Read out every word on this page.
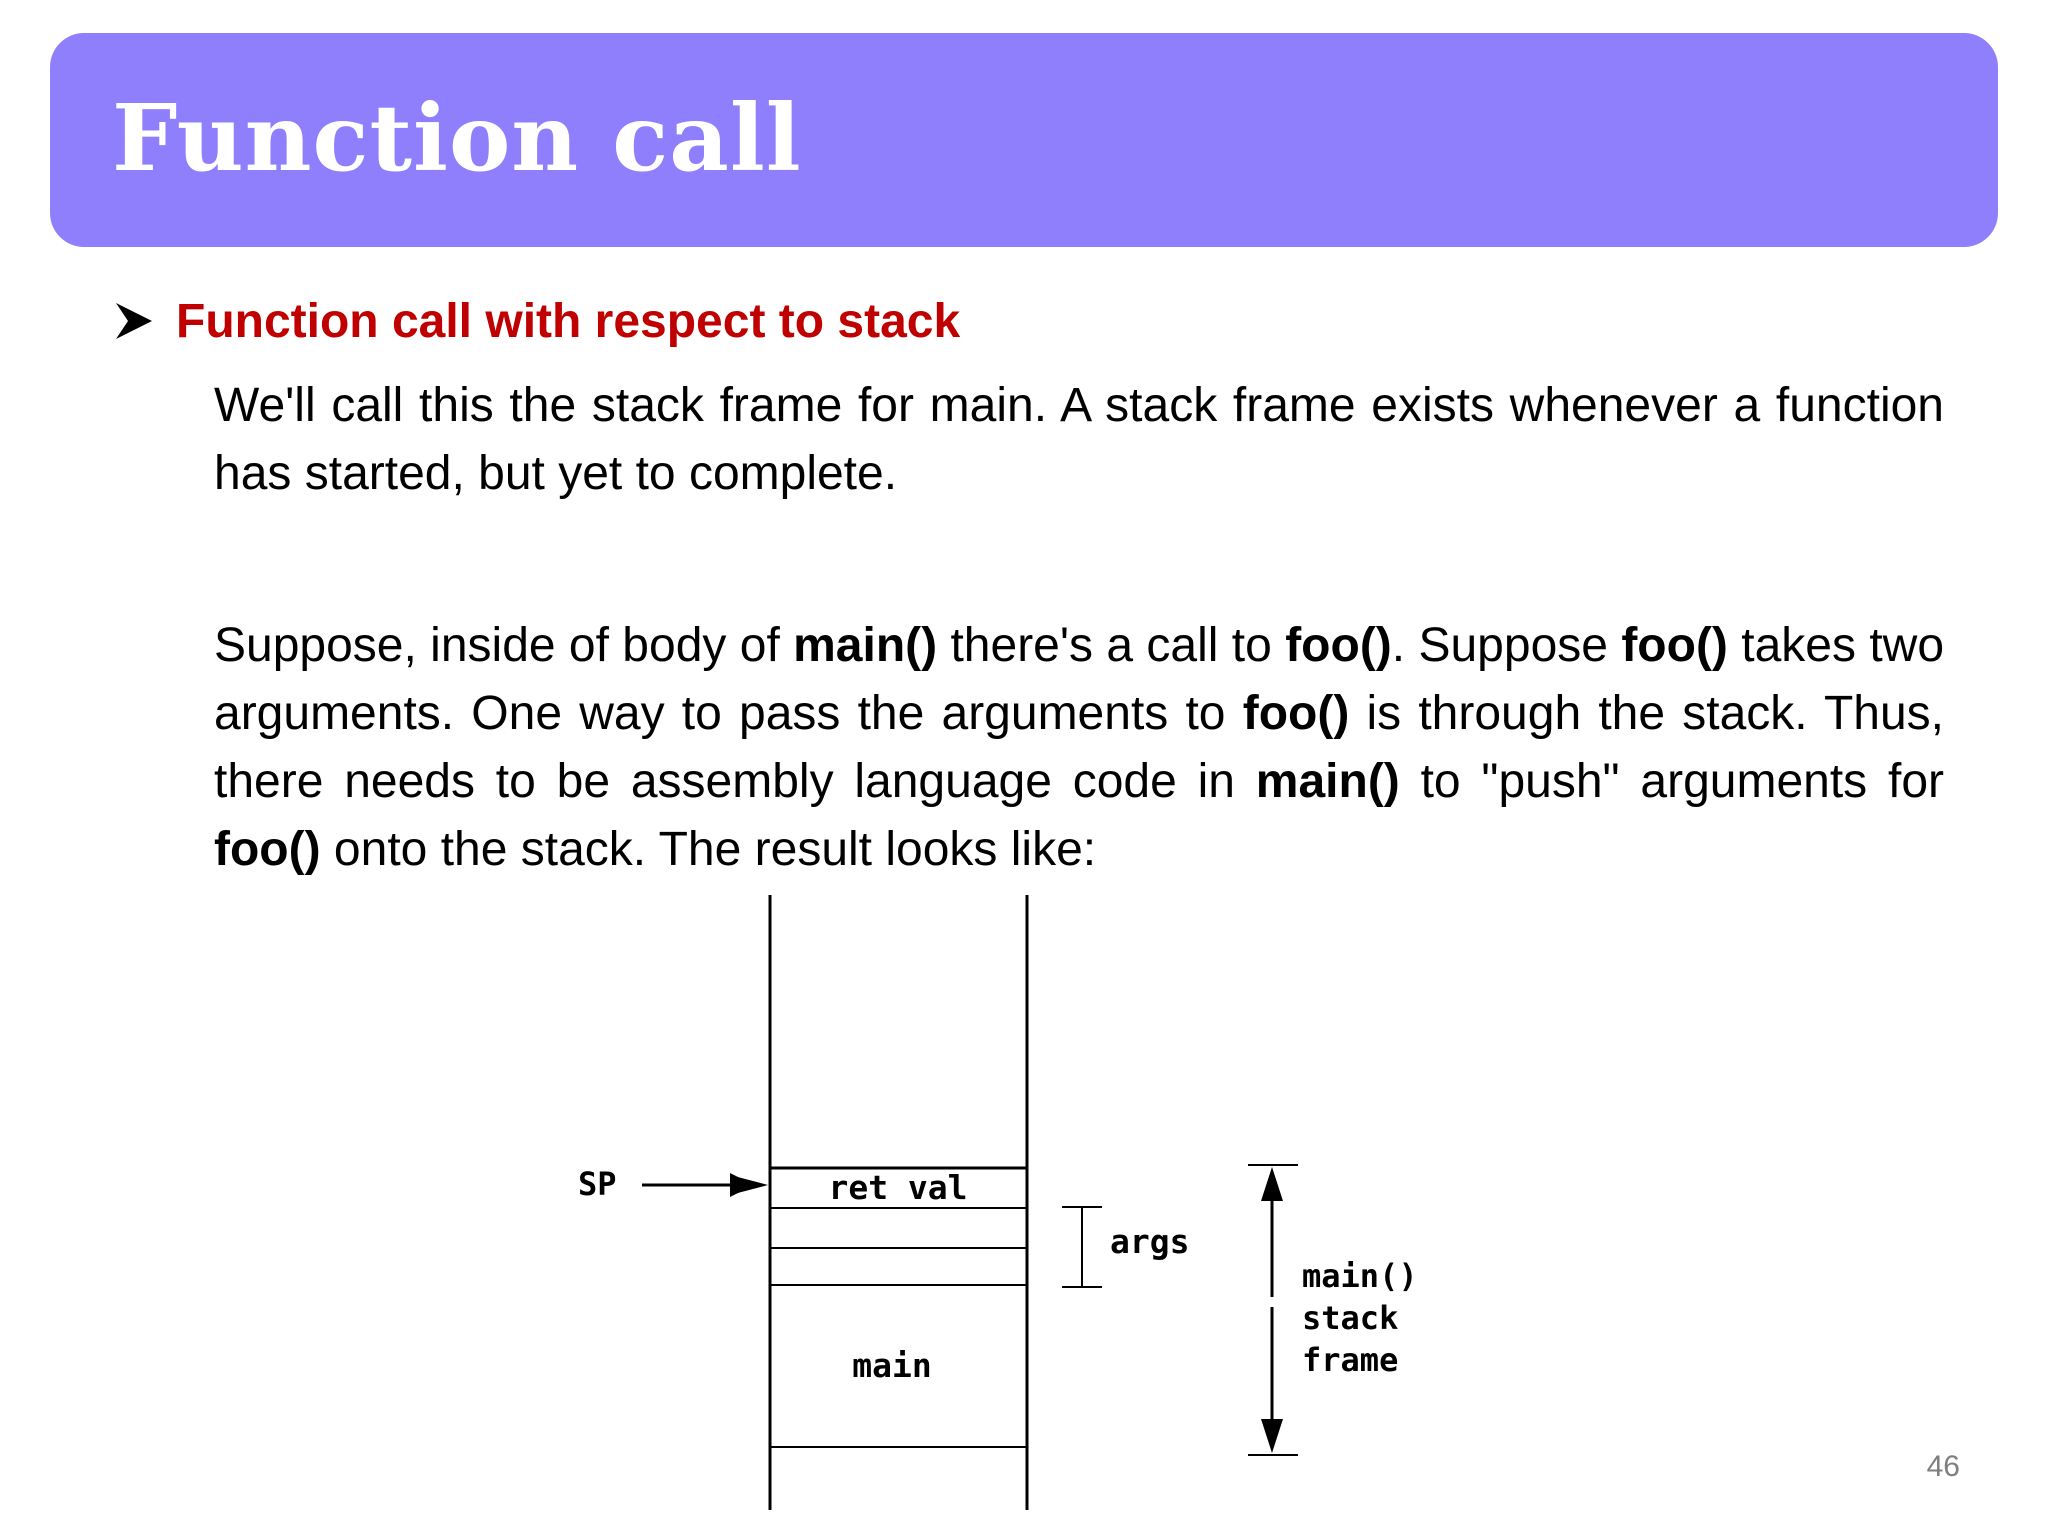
Function call
Function call with respect to stack

We'll call this the stack frame for main. A stack frame exists whenever a function has started, but yet to complete.

Suppose, inside of body of main() there's a call to foo(). Suppose foo() takes two arguments. One way to pass the arguments to foo() is through the stack. Thus, there needs to be assembly language code in main() to "push" arguments for foo() onto the stack. The result looks like:

SP	ret val
main
args
main()
stack
frame
46
